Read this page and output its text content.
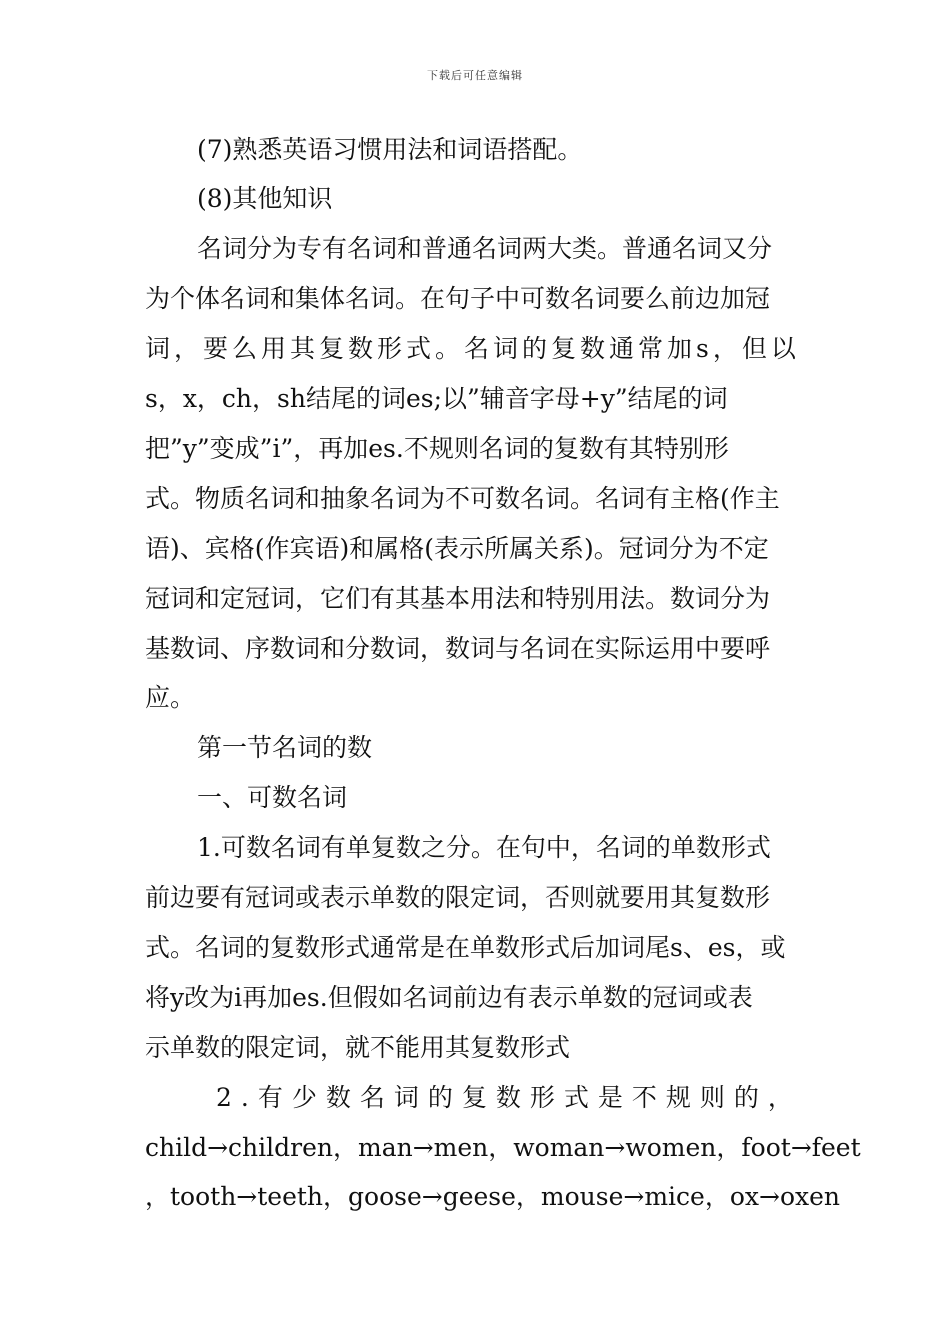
下载后可任意编辑
(7)熟悉英语习惯用法和词语搭配。
(8)其他知识
名词分为专有名词和普通名词两大类。普通名词又分
为个体名词和集体名词。在句子中可数名词要么前边加冠
词，要么用其复数形式。名词的复数通常加s，但以
s，x，ch，sh结尾的词es;以”辅音字母+y”结尾的词
把”y”变成”i”，再加es.不规则名词的复数有其特别形
式。物质名词和抽象名词为不可数名词。名词有主格(作主
语)、宾格(作宾语)和属格(表示所属关系)。冠词分为不定
冠词和定冠词，它们有其基本用法和特别用法。数词分为
基数词、序数词和分数词，数词与名词在实际运用中要呼
应。
第一节名词的数
一、可数名词
1.可数名词有单复数之分。在句中，名词的单数形式
前边要有冠词或表示单数的限定词，否则就要用其复数形
式。名词的复数形式通常是在单数形式后加词尾s、es，或
将y改为i再加es.但假如名词前边有表示单数的冠词或表
示单数的限定词，就不能用其复数形式
2.有少数名词的复数形式是不规则的，
child→children，man→men，woman→women，foot→feet
，tooth→teeth，goose→geese，mouse→mice，ox→oxen
